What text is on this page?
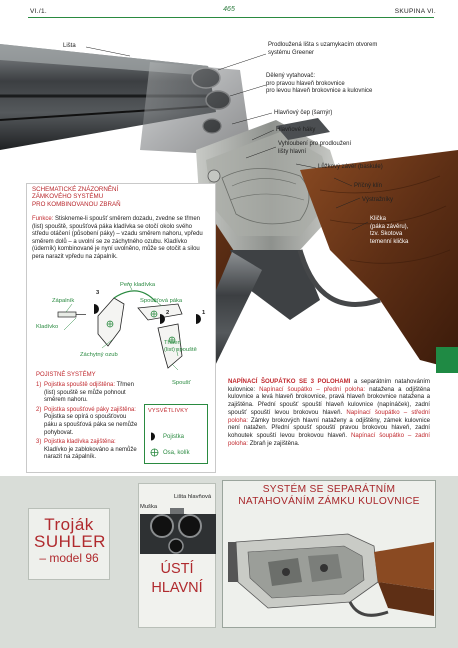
VI./1.	465	SKUPINA VI.
Lišta	Prodloužená lišta s uzamykacím otvorem
systému Greener
Dělený vytahovač:
pro pravou hlaveň brokovnice
pro levou hlaveň brokovnice a kulovnice
Hlavňový čep (šarnýr)
Hlavňové háky
Vyhloubení pro prodloužení
lišty hlavní
Lůžkový závěr (baskule)
Příčný klín
Výstražníky
Klička
(páka závěru),
tzv. Skotova
temenní klička
SCHEMATICKÉ ZNÁZORNĚNÍ
ZÁMKOVÉHO SYSTÉMU
PRO KOMBINOVANOU ZBRAŇ
Funkce: Stiskneme-li spoušť směrem dozadu, zvedne se třmen (list) spouště, spoušťová páka kladívka se otočí okolo svého středu otáčení (působení páky) – vzadu směrem nahoru, vpředu směrem dolů – a uvolní se ze záchytného ozubu. Kladívko (úderník) kombinované je nyní uvolněno, může se otočit a silou pera narazit vpředu na zápalník.
Zápalník
Kladívko
Pero kladívka
Spoušťová páka
Záchytný ozub
Třmen
(list) spouště
Spoušť
3
2	1
POJISTNÉ SYSTÉMY
1) Pojistka spouště odjištěna: Třmen (list) spouště se může pohnout směrem nahoru.
2) Pojistka spoušťové páky zajištěna: Pojistka se opírá o spoušťovou páku a spoušťová páka se nemůže pohybovat.
3) Pojistka kladívka zajištěna: Kladívko je zablokováno a nemůže narazit na zápalník.
VYSVĚTLIVKY
Pojistka
Osa, kolík
NAPÍNACÍ ŠOUPÁTKO SE 3 POLOHAMI a separátním natahováním kulovnice: Napínací šoupátko – přední poloha: natažena a odjištěna kulovnice a levá hlaveň brokovnice, pravá hlaveň brokovnice natažena a zajištěna. Přední spoušť spouští hlaveň kulovnice (napínáček), zadní spoušť spouští levou brokovou hlaveň. Napínací šoupátko – střední poloha: Zámky brokových hlavní nataženy a odjištěny, zámek kulovnice není natažen. Přední spoušť spouští pravou brokovou hlaveň, zadní kohoutek spouští levou brokovou hlaveň. Napínací šoupátko – zadní poloha: Zbraň je zajištěna.
Troják
SUHLER
– model 96
Lišta hlavňová
Muška
ÚSTÍ
HLAVNÍ
SYSTÉM SE SEPARÁTNÍM
NATAHOVÁNÍM ZÁMKU KULOVNICE
